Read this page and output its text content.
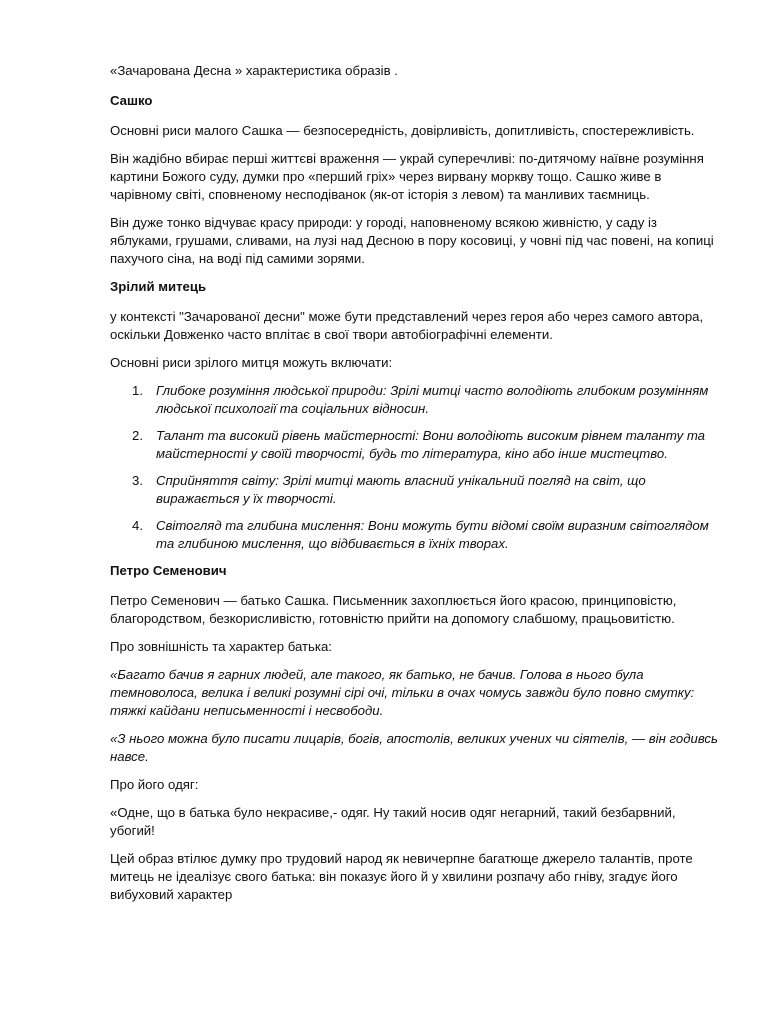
«Зачарована Десна » характеристика образів .

Сашко

Основні риси малого Сашка — безпосередність, довірливість, допитливість, спостережливість.

Він жадібно вбирає перші життєві враження — украй суперечливі: по-дитячому наївне розуміння картини Божого суду, думки про «перший гріх» через вирвану моркву тощо. Сашко живе в чарівному світі, сповненому несподіванок (як-от історія з левом) та манливих таємниць.

Він дуже тонко відчуває красу природи: у городі, наповненому всякою живністю, у саду із яблуками, грушами, сливами, на лузі над Десною в пору косовиці, у човні під час повені, на копиці пахучого сіна, на воді під самими зорями.

Зрілий митець

у контексті "Зачарованої десни" може бути представлений через героя або через самого автора, оскільки Довженко часто вплітає в свої твори автобіографічні елементи.

Основні риси зрілого митця можуть включати:

1. Глибоке розуміння людської природи: Зрілі митці часто володіють глибоким розумінням людської психології та соціальних відносин.
2. Талант та високий рівень майстерності: Вони володіють високим рівнем таланту та майстерності у своїй творчості, будь то література, кіно або інше мистецтво.
3. Сприйняття світу: Зрілі митці мають власний унікальний погляд на світ, що виражається у їх творчості.
4. Світогляд та глибина мислення: Вони можуть бути відомі своїм виразним світоглядом та глибиною мислення, що відбивається в їхніх творах.

Петро Семенович

Петро Семенович — батько Сашка. Письменник захоплюється його красою, принциповістю, благородством, безкорисливістю, готовністю прийти на допомогу слабшому, працьовитістю.

Про зовнішність та характер батька:

«Багато бачив я гарних людей, але такого, як батько, не бачив. Голова в нього була темноволоса, велика і великі розумні сірі очі, тільки в очах чомусь завжди було повно смутку: тяжкі кайдани неписьменності і несвободи.

«З нього можна було писати лицарів, богів, апостолів, великих учених чи сіятелів, — він годивсь навсе.

Про його одяг:

«Одне, що в батька було некрасиве,- одяг. Ну такий носив одяг негарний, такий безбарвний, убогий!

Цей образ втілює думку про трудовий народ як невичерпне багатюще джерело талантів, проте митець не ідеалізує свого батька: він показує його й у хвилини розпачу або гніву, згадує його вибуховий характер
